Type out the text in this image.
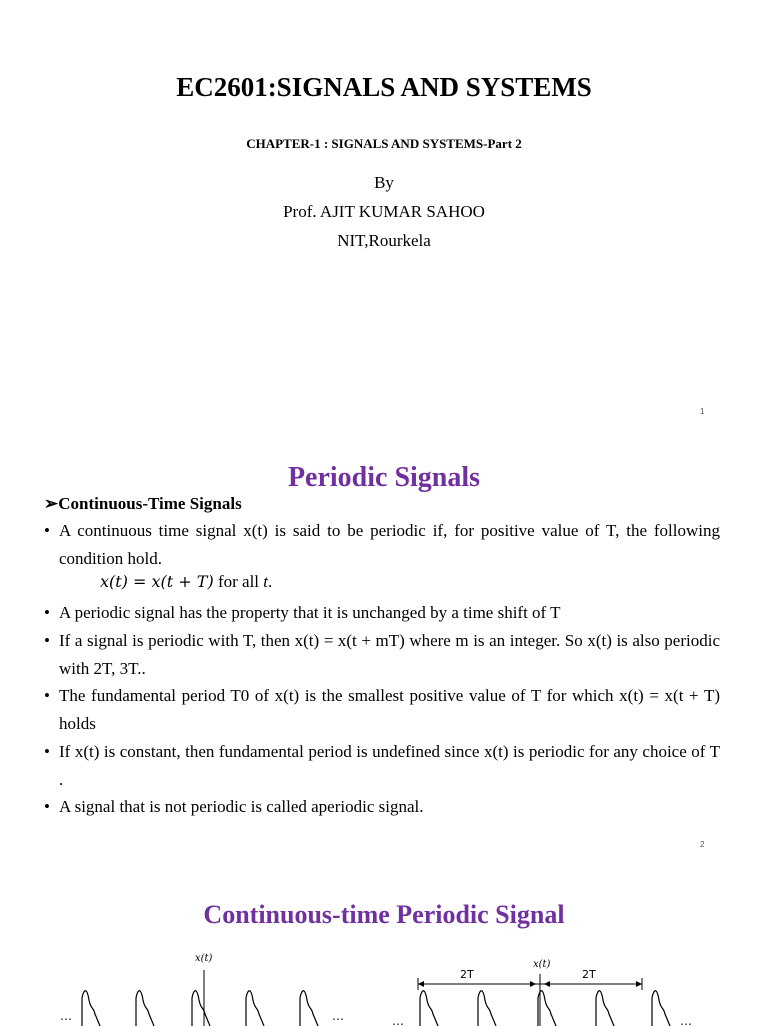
EC2601:SIGNALS AND SYSTEMS
CHAPTER-1 : SIGNALS AND SYSTEMS-Part 2
By
Prof. AJIT KUMAR SAHOO
NIT,Rourkela
1
Periodic Signals
➢Continuous-Time Signals
• A continuous time signal x(t) is said to be periodic if, for positive value of T, the following condition hold.
x(t) = x(t + T) for all t.
• A periodic signal has the property that it is unchanged by a time shift of T
• If a signal is periodic with T, then x(t) = x(t + mT) where m is an integer. So x(t) is also periodic with 2T, 3T..
• The fundamental period T0 of x(t) is the smallest positive value of T for which x(t) = x(t + T) holds
• If x(t) is constant, then fundamental period is undefined since x(t) is periodic for any choice of T .
• A signal that is not periodic is called aperiodic signal.
2
Continuous-time Periodic Signal
x(t)
…	…
x(t)
2T	2T
…	…
